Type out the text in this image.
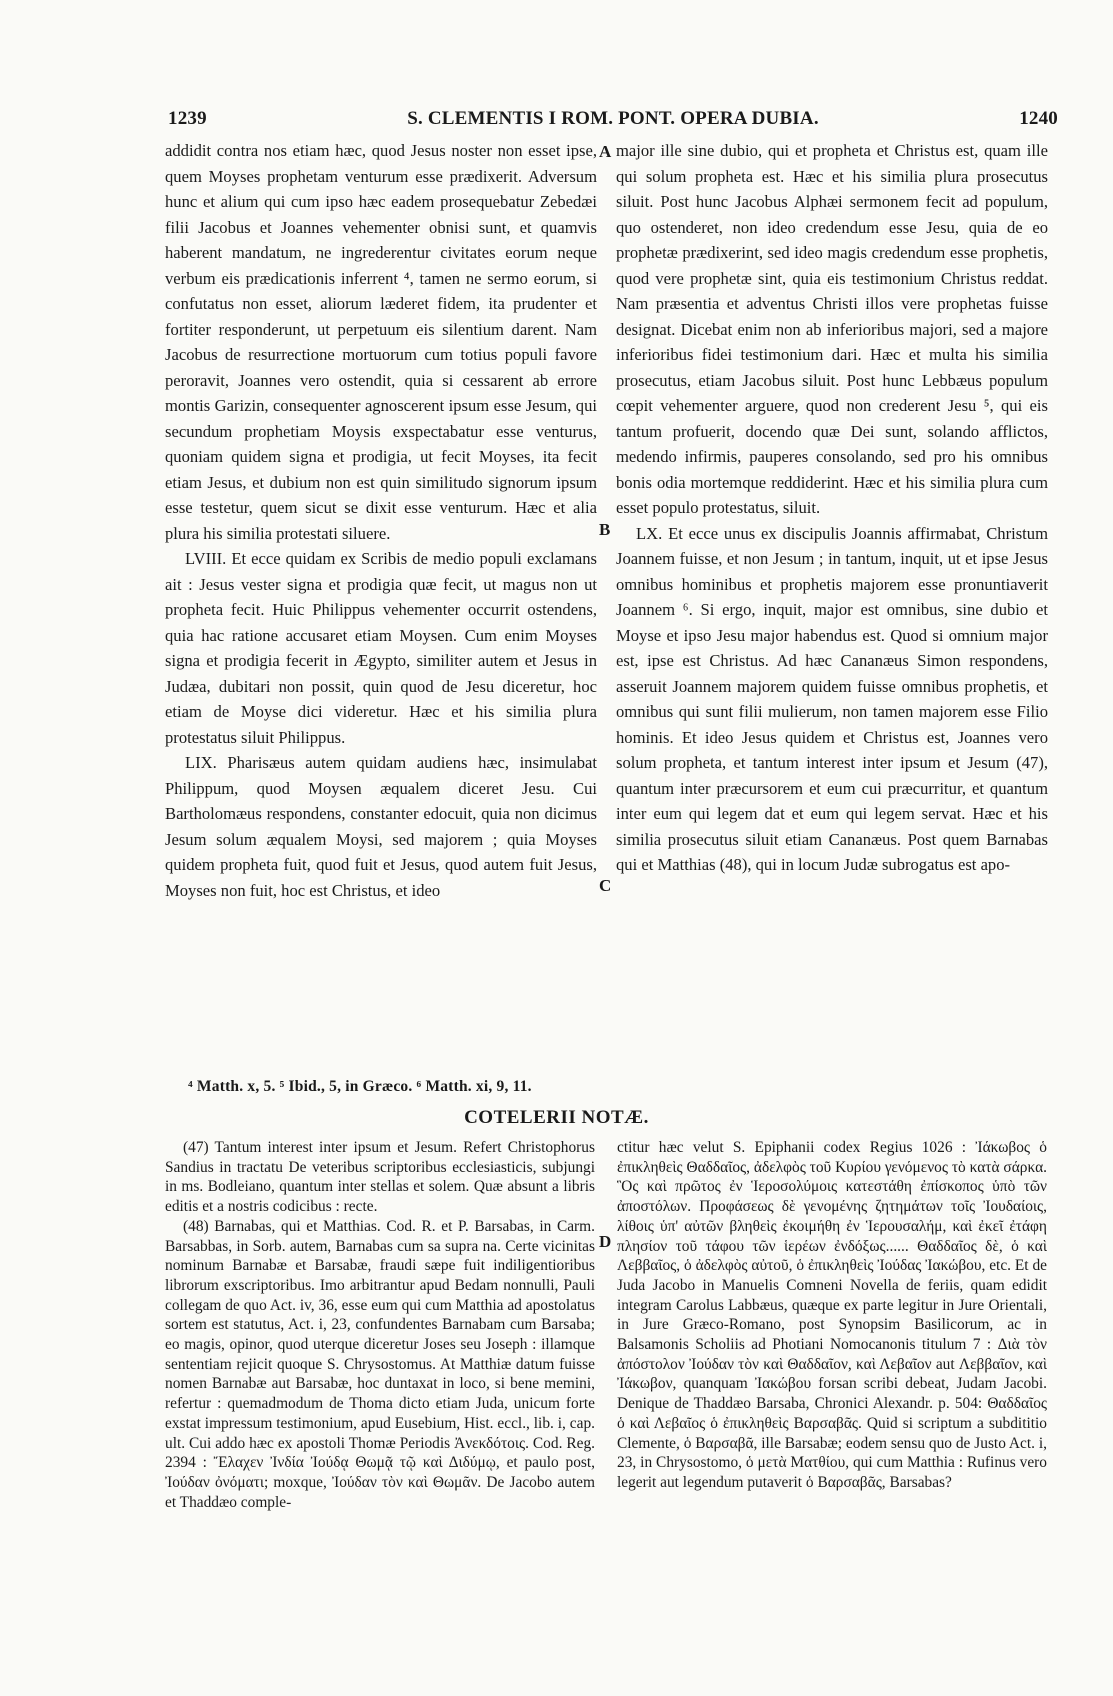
1239	S. CLEMENTIS I ROM. PONT. OPERA DUBIA.	1240

addidit contra nos etiam hæc, quod Jesus noster non esset ipse, quem Moyses prophetam venturum esse prædixerit. Adversum hunc et alium qui cum ipso hæc eadem prosequebatur Zebedæi filii Jacobus et Joannes vehementer obnisi sunt, et quamvis haberent mandatum, ne ingrederentur civitates eorum neque verbum eis prædicationis inferrent ⁴, tamen ne sermo eorum, si confutatus non esset, aliorum læderet fidem, ita prudenter et fortiter responderunt, ut perpetuum eis silentium darent. Nam Jacobus de resurrectione mortuorum cum totius populi favore peroravit, Joannes vero ostendit, quia si cessarent ab errore montis Garizin, consequenter agnoscerent ipsum esse Jesum, qui secundum prophetiam Moysis exspectabatur esse venturus, quoniam quidem signa et prodigia, ut fecit Moyses, ita fecit etiam Jesus, et dubium non est quin similitudo signorum ipsum esse testetur, quem sicut se dixit esse venturum. Hæc et alia plura his similia protestati siluere.

LVIII. Et ecce quidam ex Scribis de medio populi exclamans ait : Jesus vester signa et prodigia quæ fecit, ut magus non ut propheta fecit. Huic Philippus vehementer occurrit ostendens, quia hac ratione accusaret etiam Moysen. Cum enim Moyses signa et prodigia fecerit in Ægypto, similiter autem et Jesus in Judæa, dubitari non possit, quin quod de Jesu diceretur, hoc etiam de Moyse dici videretur. Hæc et his similia plura protestatus siluit Philippus.

LIX. Pharisæus autem quidam audiens hæc, insimulabat Philippum, quod Moysen æqualem diceret Jesu. Cui Bartholomæus respondens, constanter edocuit, quia non dicimus Jesum solum æqualem Moysi, sed majorem ; quia Moyses quidem propheta fuit, quod fuit et Jesus, quod autem fuit Jesus, Moyses non fuit, hoc est Christus, et ideo

A
B
C

major ille sine dubio, qui et propheta et Christus est, quam ille qui solum propheta est. Hæc et his similia plura prosecutus siluit. Post hunc Jacobus Alphæi sermonem fecit ad populum, quo ostenderet, non ideo credendum esse Jesu, quia de eo prophetæ prædixerint, sed ideo magis credendum esse prophetis, quod vere prophetæ sint, quia eis testimonium Christus reddat. Nam præsentia et adventus Christi illos vere prophetas fuisse designat. Dicebat enim non ab inferioribus majori, sed a majore inferioribus fidei testimonium dari. Hæc et multa his similia prosecutus, etiam Jacobus siluit. Post hunc Lebbæus populum cœpit vehementer arguere, quod non crederent Jesu ⁵, qui eis tantum profuerit, docendo quæ Dei sunt, solando afflictos, medendo infirmis, pauperes consolando, sed pro his omnibus bonis odia mortemque reddiderint. Hæc et his similia plura cum esset populo protestatus, siluit.

LX. Et ecce unus ex discipulis Joannis affirmabat, Christum Joannem fuisse, et non Jesum ; in tantum, inquit, ut et ipse Jesus omnibus hominibus et prophetis majorem esse pronuntiaverit Joannem ⁶. Si ergo, inquit, major est omnibus, sine dubio et Moyse et ipso Jesu major habendus est. Quod si omnium major est, ipse est Christus. Ad hæc Cananæus Simon respondens, asseruit Joannem majorem quidem fuisse omnibus prophetis, et omnibus qui sunt filii mulierum, non tamen majorem esse Filio hominis. Et ideo Jesus quidem et Christus est, Joannes vero solum propheta, et tantum interest inter ipsum et Jesum (47), quantum inter præcursorem et eum cui præcurritur, et quantum inter eum qui legem dat et eum qui legem servat. Hæc et his similia prosecutus siluit etiam Cananæus. Post quem Barnabas qui et Matthias (48), qui in locum Judæ subrogatus est apo-

⁴ Matth. x, 5. ⁵ Ibid., 5, in Græco. ⁶ Matth. xi, 9, 11.
COTELERII NOTÆ.

(47) Tantum interest inter ipsum et Jesum. Refert Christophorus Sandius in tractatu De veteribus scriptoribus ecclesiasticis, subjungi in ms. Bodleiano, quantum inter stellas et solem. Quæ absunt a libris editis et a nostris codicibus : recte.

(48) Barnabas, qui et Matthias. Cod. R. et P. Barsabas, in Carm. Barsabbas, in Sorb. autem, Barnabas cum sa supra na. Certe vicinitas nominum Barnabæ et Barsabæ, fraudi sæpe fuit indiligentioribus librorum exscriptoribus. Imo arbitrantur apud Bedam nonnulli, Pauli collegam de quo Act. iv, 36, esse eum qui cum Matthia ad apostolatus sortem est statutus, Act. i, 23, confundentes Barnabam cum Barsaba; eo magis, opinor, quod uterque diceretur Joses seu Joseph : illamque sententiam rejicit quoque S. Chrysostomus. At Matthiæ datum fuisse nomen Barnabæ aut Barsabæ, hoc duntaxat in loco, si bene memini, refertur : quemadmodum de Thoma dicto etiam Juda, unicum forte exstat impressum testimonium, apud Eusebium, Hist. eccl., lib. i, cap. ult. Cui addo hæc ex apostoli Thomæ Periodis Ἀνεκδότοις. Cod. Reg. 2394 : Ἔλαχεν Ἰνδία Ἰούδᾳ Θωμᾷ τῷ καὶ Διδύμῳ, et paulo post, Ἰούδαν ὀνόματι; moxque, Ἰούδαν τὸν καὶ Θωμᾶν. De Jacobo autem et Thaddæo comple-

D

ctitur hæc velut S. Epiphanii codex Regius 1026 : Ἰάκωβος ὁ ἐπικληθεὶς Θαδδαῖος, ἀδελφὸς τοῦ Κυρίου γενόμενος τὸ κατὰ σάρκα. Ὃς καὶ πρῶτος ἐν Ἱεροσολύμοις κατεστάθη ἐπίσκοπος ὑπὸ τῶν ἀποστόλων. Προφάσεως δὲ γενομένης ζητημάτων τοῖς Ἰουδαίοις, λίθοις ὑπ' αὐτῶν βληθεὶς ἐκοιμήθη ἐν Ἱερουσαλήμ, καὶ ἐκεῖ ἐτάφη πλησίον τοῦ τάφου τῶν ἱερέων ἐνδόξως...... Θαδδαῖος δὲ, ὁ καὶ Λεββαῖος, ὁ ἀδελφὸς αὐτοῦ, ὁ ἐπικληθεὶς Ἰούδας Ἰακώβου, etc. Et de Juda Jacobo in Manuelis Comneni Novella de feriis, quam edidit integram Carolus Labbæus, quæque ex parte legitur in Jure Orientali, in Jure Græco-Romano, post Synopsim Basilicorum, ac in Balsamonis Scholiis ad Photiani Nomocanonis titulum 7 : Διὰ τὸν ἀπόστολον Ἰούδαν τὸν καὶ Θαδδαῖον, καὶ Λεβαῖον aut Λεββαῖον, καὶ Ἰάκωβον, quanquam Ἰακώβου forsan scribi debeat, Judam Jacobi. Denique de Thaddæo Barsaba, Chronici Alexandr. p. 504: Θαδδαῖος ὁ καὶ Λεβαῖος ὁ ἐπικληθεὶς Βαρσαβᾶς. Quid si scriptum a subdititio Clemente, ὁ Βαρσαβᾶ, ille Barsabæ; eodem sensu quo de Justo Act. i, 23, in Chrysostomo, ὁ μετὰ Ματθίου, qui cum Matthia : Rufinus vero legerit aut legendum putaverit ὁ Βαρσαβᾶς, Barsabas?
